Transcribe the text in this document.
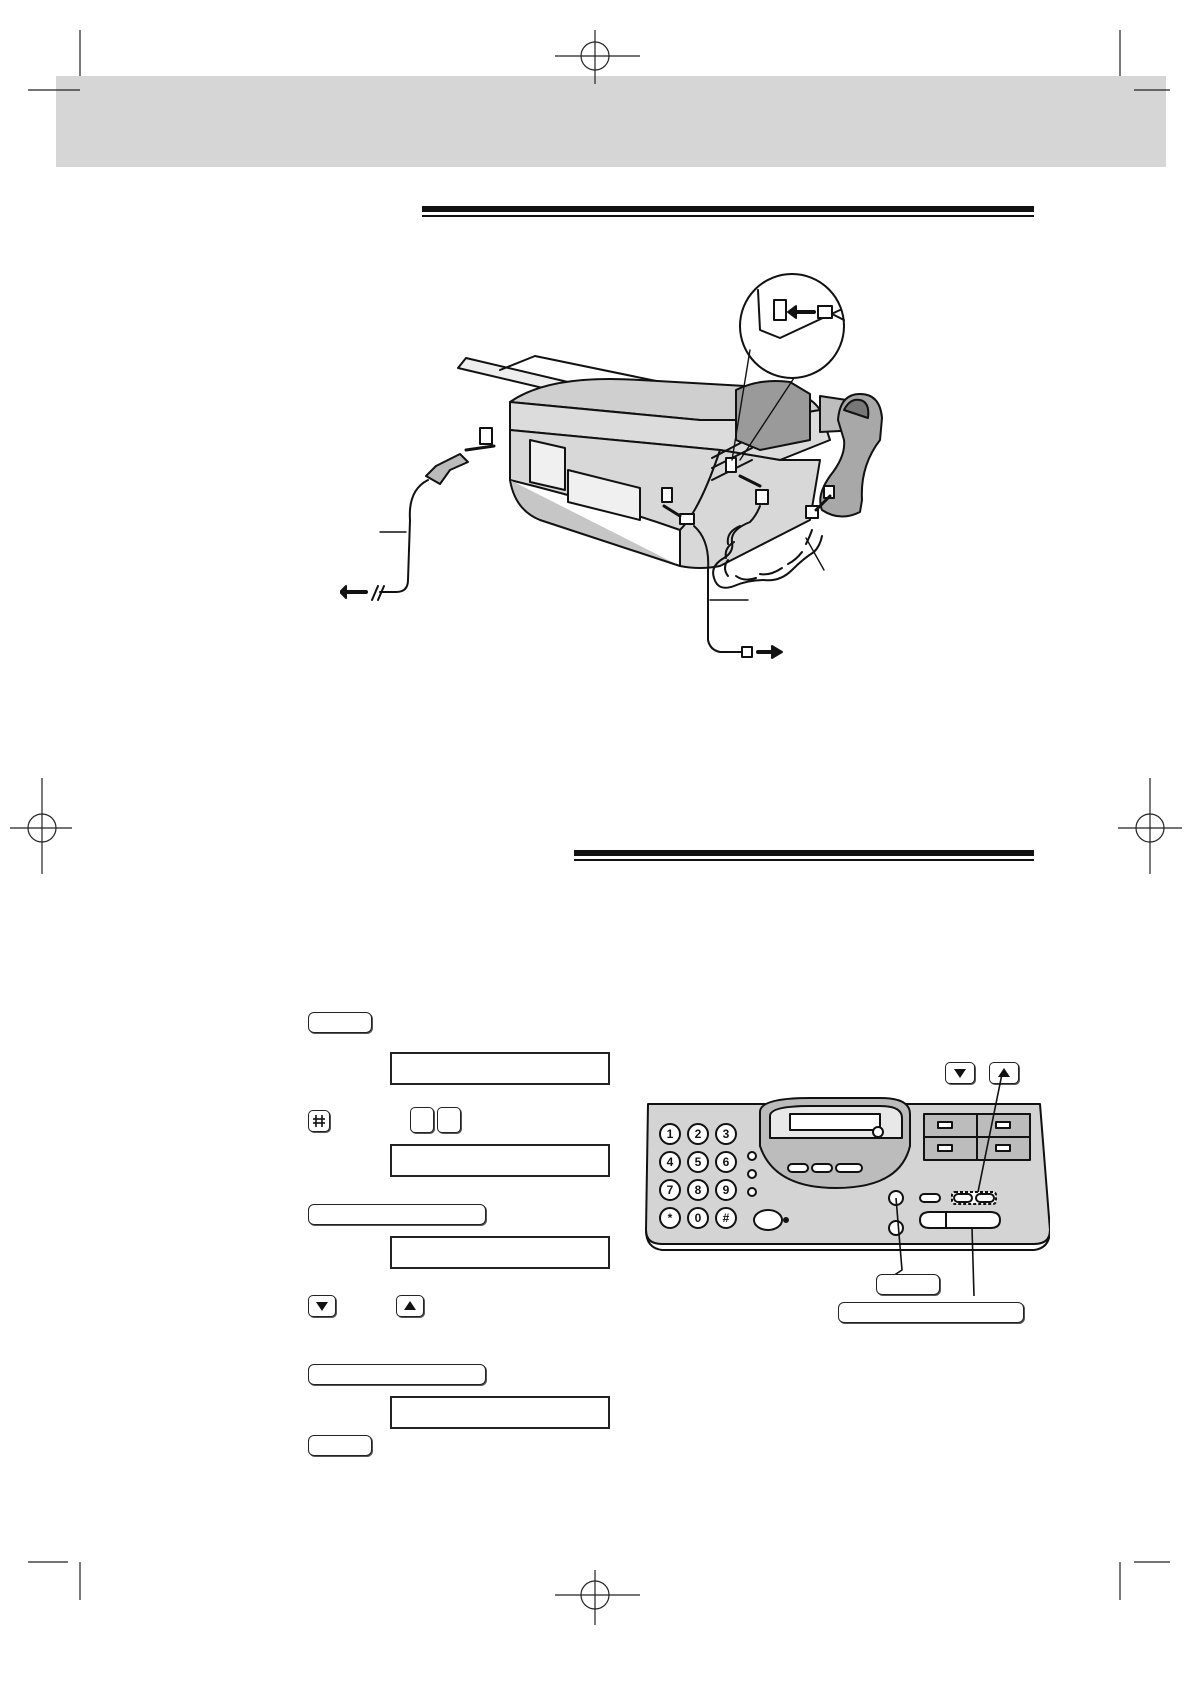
1 2 3
4 5 6
7 8 9
* 0 #
